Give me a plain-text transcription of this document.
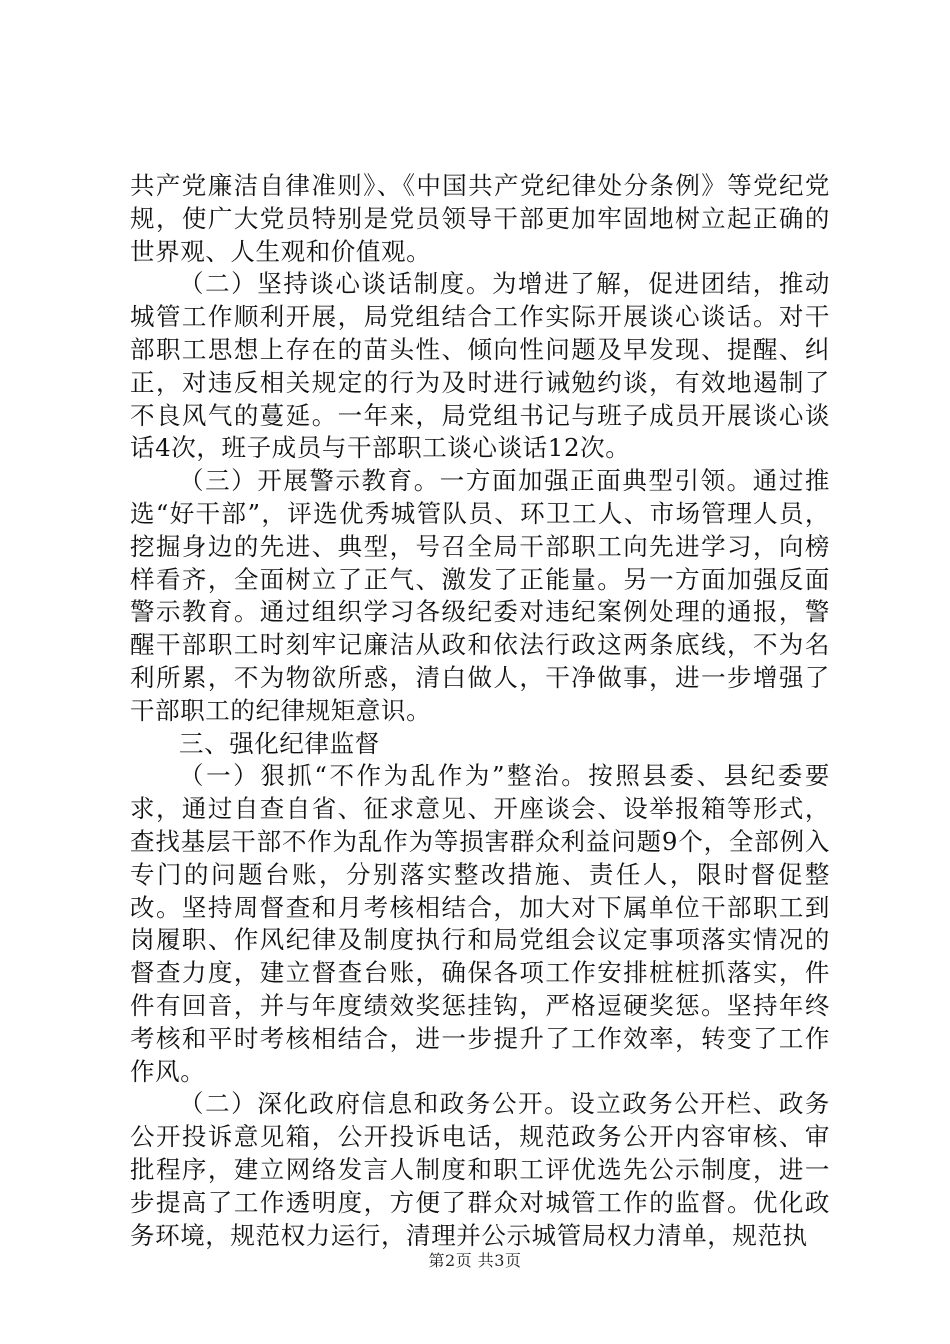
共产党廉洁自律准则》、《中国共产党纪律处分条例》等党纪党规，使广大党员特别是党员领导干部更加牢固地树立起正确的世界观、人生观和价值观。

（二）坚持谈心谈话制度。为增进了解，促进团结，推动城管工作顺利开展，局党组结合工作实际开展谈心谈话。对干部职工思想上存在的苗头性、倾向性问题及早发现、提醒、纠正，对违反相关规定的行为及时进行诫勉约谈，有效地遏制了不良风气的蔓延。一年来，局党组书记与班子成员开展谈心谈话4次，班子成员与干部职工谈心谈话12次。

（三）开展警示教育。一方面加强正面典型引领。通过推选“好干部”，评选优秀城管队员、环卫工人、市场管理人员，挖掘身边的先进、典型，号召全局干部职工向先进学习，向榜样看齐，全面树立了正气、激发了正能量。另一方面加强反面警示教育。通过组织学习各级纪委对违纪案例处理的通报，警醒干部职工时刻牢记廉洁从政和依法行政这两条底线，不为名利所累，不为物欲所惑，清白做人，干净做事，进一步增强了干部职工的纪律规矩意识。

三、强化纪律监督

（一）狠抓“不作为乱作为”整治。按照县委、县纪委要求，通过自查自省、征求意见、开座谈会、设举报箱等形式，查找基层干部不作为乱作为等损害群众利益问题9个，全部例入专门的问题台账，分别落实整改措施、责任人，限时督促整改。坚持周督查和月考核相结合，加大对下属单位干部职工到岗履职、作风纪律及制度执行和局党组会议定事项落实情况的督查力度，建立督查台账，确保各项工作安排桩桩抓落实，件件有回音，并与年度绩效奖惩挂钩，严格逗硬奖惩。坚持年终考核和平时考核相结合，进一步提升了工作效率，转变了工作作风。

（二）深化政府信息和政务公开。设立政务公开栏、政务公开投诉意见箱，公开投诉电话，规范政务公开内容审核、审批程序，建立网络发言人制度和职工评优选先公示制度，进一步提高了工作透明度，方便了群众对城管工作的监督。优化政务环境，规范权力运行，清理并公示城管局权力清单，规范执

第2页 共3页
